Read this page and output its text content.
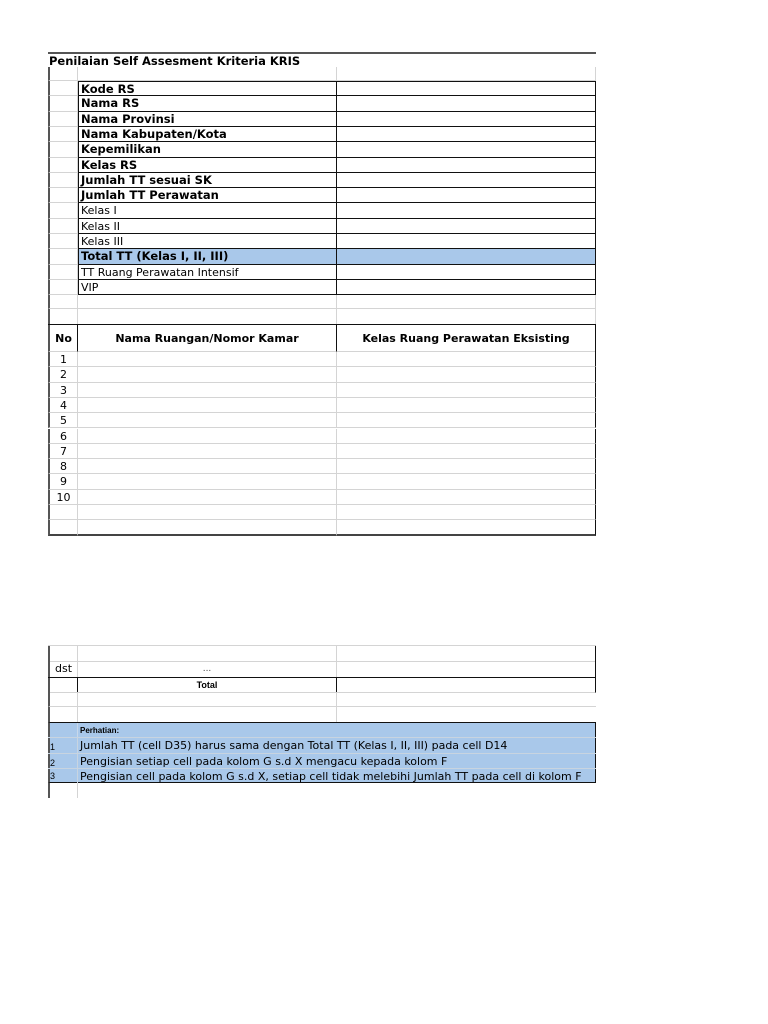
Penilaian Self Assesment Kriteria KRIS
Kode RS
Nama RS
Nama Provinsi
Nama Kabupaten/Kota
Kepemilikan
Kelas RS
Jumlah TT sesuai SK
Jumlah TT Perawatan
Kelas I
Kelas II
Kelas III
Total TT (Kelas I, II, III)
TT Ruang Perawatan Intensif
VIP
No	Nama Ruangan/Nomor Kamar	Kelas Ruang Perawatan Eksisting
1
2
3
4
5
6
7
8
9
10
dst	...
Total
Perhatian:
1	Jumlah TT (cell D35) harus sama dengan Total TT (Kelas I, II, III) pada cell D14
2	Pengisian setiap cell pada kolom G s.d X mengacu kepada kolom F
3	Pengisian cell pada kolom G s.d X, setiap cell tidak melebihi Jumlah TT pada cell di kolom F
